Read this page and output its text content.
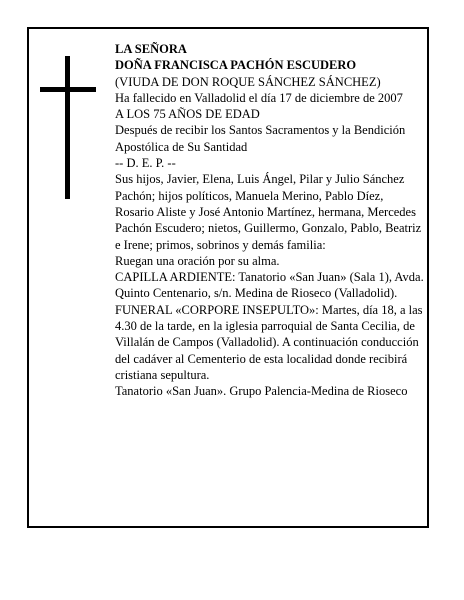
LA SEÑORA

DOÑA FRANCISCA PACHÓN ESCUDERO

(VIUDA DE DON ROQUE SÁNCHEZ SÁNCHEZ)

Ha fallecido en Valladolid el día 17 de diciembre de 2007

A LOS 75 AÑOS DE EDAD

Después de recibir los Santos Sacramentos y la Bendición Apostólica de Su Santidad

-- D. E. P. --

Sus hijos, Javier, Elena, Luis Ángel, Pilar y Julio Sánchez Pachón; hijos políticos, Manuela Merino, Pablo Díez, Rosario Aliste y José Antonio Martínez, hermana, Mercedes Pachón Escudero; nietos, Guillermo, Gonzalo, Pablo, Beatriz e Irene; primos, sobrinos y demás familia:

Ruegan una oración por su alma.

CAPILLA ARDIENTE: Tanatorio «San Juan» (Sala 1), Avda. Quinto Centenario, s/n. Medina de Rioseco (Valladolid).

FUNERAL «CORPORE INSEPULTO»: Martes, día 18, a las 4.30 de la tarde, en la iglesia parroquial de Santa Cecilia, de Villalán de Campos (Valladolid). A continuación conducción del cadáver al Cementerio de esta localidad donde recibirá cristiana sepultura.

Tanatorio «San Juan». Grupo Palencia-Medina de Rioseco
